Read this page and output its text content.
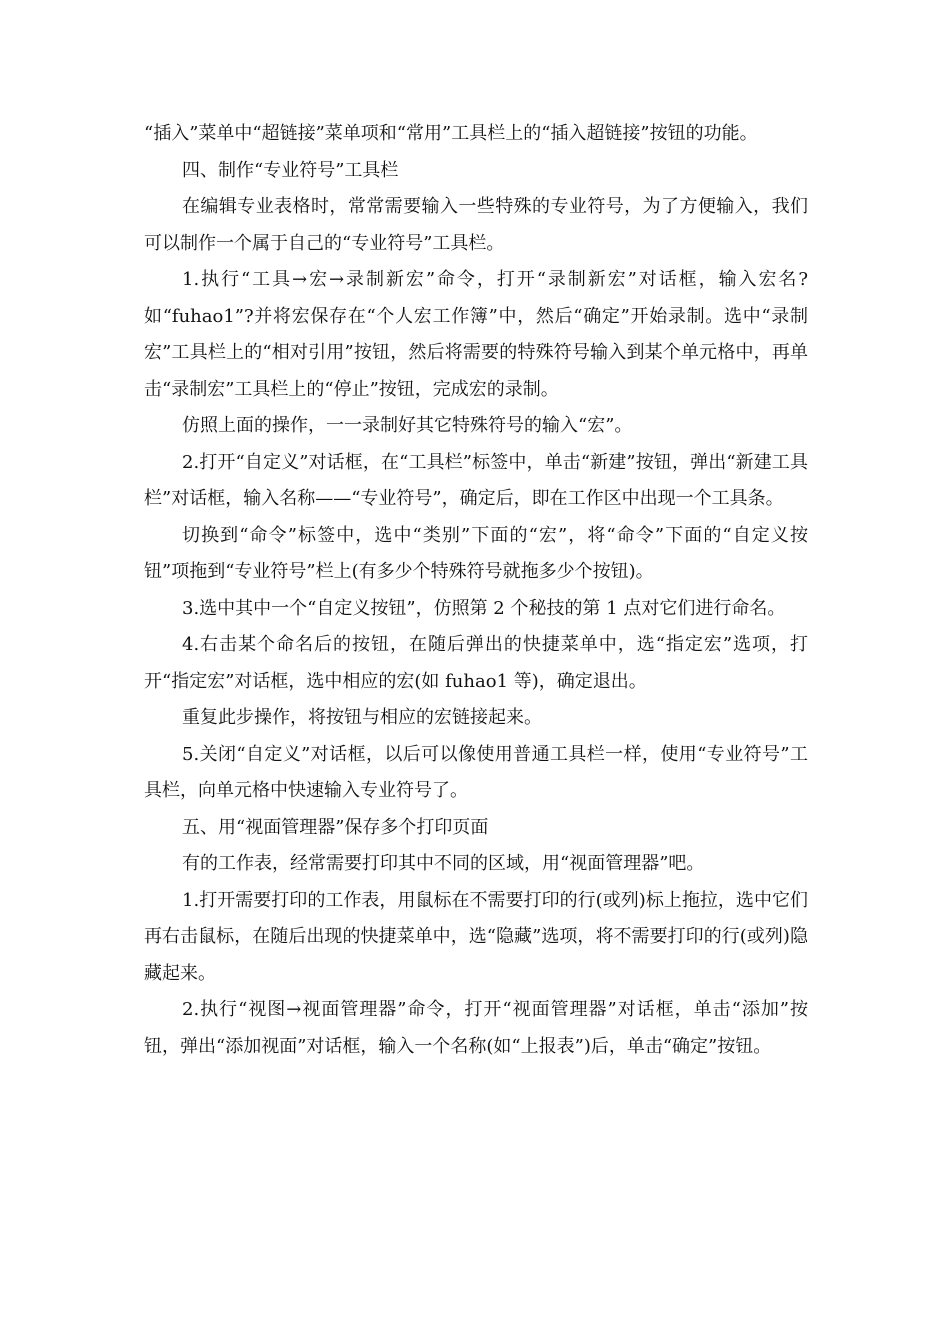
“插入”菜单中“超链接”菜单项和“常用”工具栏上的“插入超链接”按钮的功能。

四、制作“专业符号”工具栏

在编辑专业表格时，常常需要输入一些特殊的专业符号，为了方便输入，我们可以制作一个属于自己的“专业符号”工具栏。

1.执行“工具→宏→录制新宏”命令，打开“录制新宏”对话框，输入宏名?如“fuhao1”?并将宏保存在“个人宏工作簿”中，然后“确定”开始录制。选中“录制宏”工具栏上的“相对引用”按钮，然后将需要的特殊符号输入到某个单元格中，再单击“录制宏”工具栏上的“停止”按钮，完成宏的录制。

仿照上面的操作，一一录制好其它特殊符号的输入“宏”。

2.打开“自定义”对话框，在“工具栏”标签中，单击“新建”按钮，弹出“新建工具栏”对话框，输入名称——“专业符号”，确定后，即在工作区中出现一个工具条。

切换到“命令”标签中，选中“类别”下面的“宏”，将“命令”下面的“自定义按钮”项拖到“专业符号”栏上(有多少个特殊符号就拖多少个按钮)。

3.选中其中一个“自定义按钮”，仿照第 2 个秘技的第 1 点对它们进行命名。

4.右击某个命名后的按钮，在随后弹出的快捷菜单中，选“指定宏”选项，打开“指定宏”对话框，选中相应的宏(如 fuhao1 等)，确定退出。

重复此步操作，将按钮与相应的宏链接起来。

5.关闭“自定义”对话框，以后可以像使用普通工具栏一样，使用“专业符号”工具栏，向单元格中快速输入专业符号了。

五、用“视面管理器”保存多个打印页面

有的工作表，经常需要打印其中不同的区域，用“视面管理器”吧。

1.打开需要打印的工作表，用鼠标在不需要打印的行(或列)标上拖拉，选中它们再右击鼠标，在随后出现的快捷菜单中，选“隐藏”选项，将不需要打印的行(或列)隐藏起来。

2.执行“视图→视面管理器”命令，打开“视面管理器”对话框，单击“添加”按钮，弹出“添加视面”对话框，输入一个名称(如“上报表”)后，单击“确定”按钮。
